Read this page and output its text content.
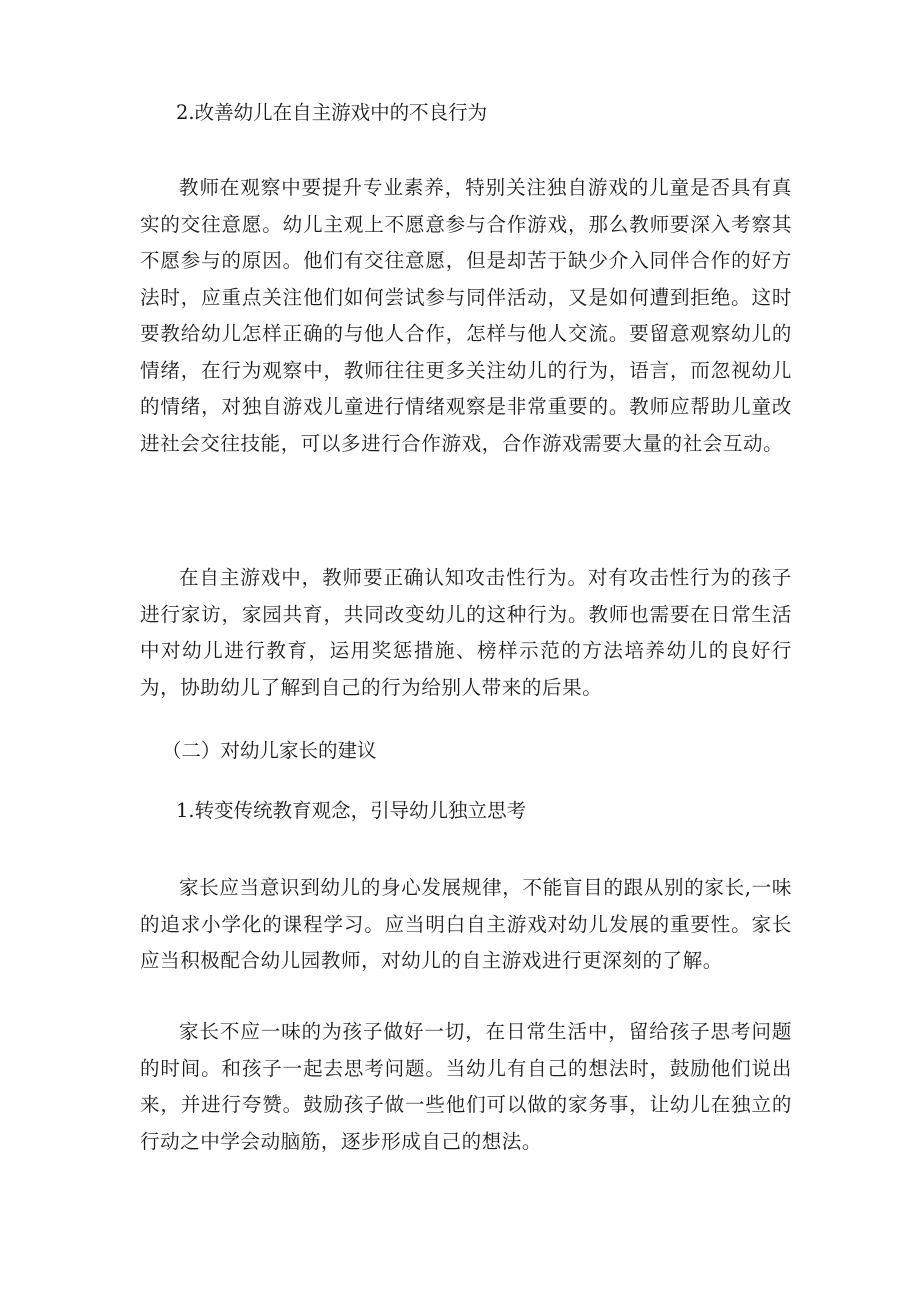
2.改善幼儿在自主游戏中的不良行为

教师在观察中要提升专业素养，特别关注独自游戏的儿童是否具有真实的交往意愿。幼儿主观上不愿意参与合作游戏，那么教师要深入考察其不愿参与的原因。他们有交往意愿，但是却苦于缺少介入同伴合作的好方法时，应重点关注他们如何尝试参与同伴活动，又是如何遭到拒绝。这时要教给幼儿怎样正确的与他人合作，怎样与他人交流。要留意观察幼儿的情绪，在行为观察中，教师往往更多关注幼儿的行为，语言，而忽视幼儿的情绪，对独自游戏儿童进行情绪观察是非常重要的。教师应帮助儿童改进社会交往技能，可以多进行合作游戏，合作游戏需要大量的社会互动。

在自主游戏中，教师要正确认知攻击性行为。对有攻击性行为的孩子进行家访，家园共育，共同改变幼儿的这种行为。教师也需要在日常生活中对幼儿进行教育，运用奖惩措施、榜样示范的方法培养幼儿的良好行为，协助幼儿了解到自己的行为给别人带来的后果。

（二）对幼儿家长的建议

1.转变传统教育观念，引导幼儿独立思考

家长应当意识到幼儿的身心发展规律，不能盲目的跟从别的家长,一味的追求小学化的课程学习。应当明白自主游戏对幼儿发展的重要性。家长应当积极配合幼儿园教师，对幼儿的自主游戏进行更深刻的了解。

家长不应一味的为孩子做好一切，在日常生活中，留给孩子思考问题的时间。和孩子一起去思考问题。当幼儿有自己的想法时，鼓励他们说出来，并进行夸赞。鼓励孩子做一些他们可以做的家务事，让幼儿在独立的行动之中学会动脑筋，逐步形成自己的想法。
